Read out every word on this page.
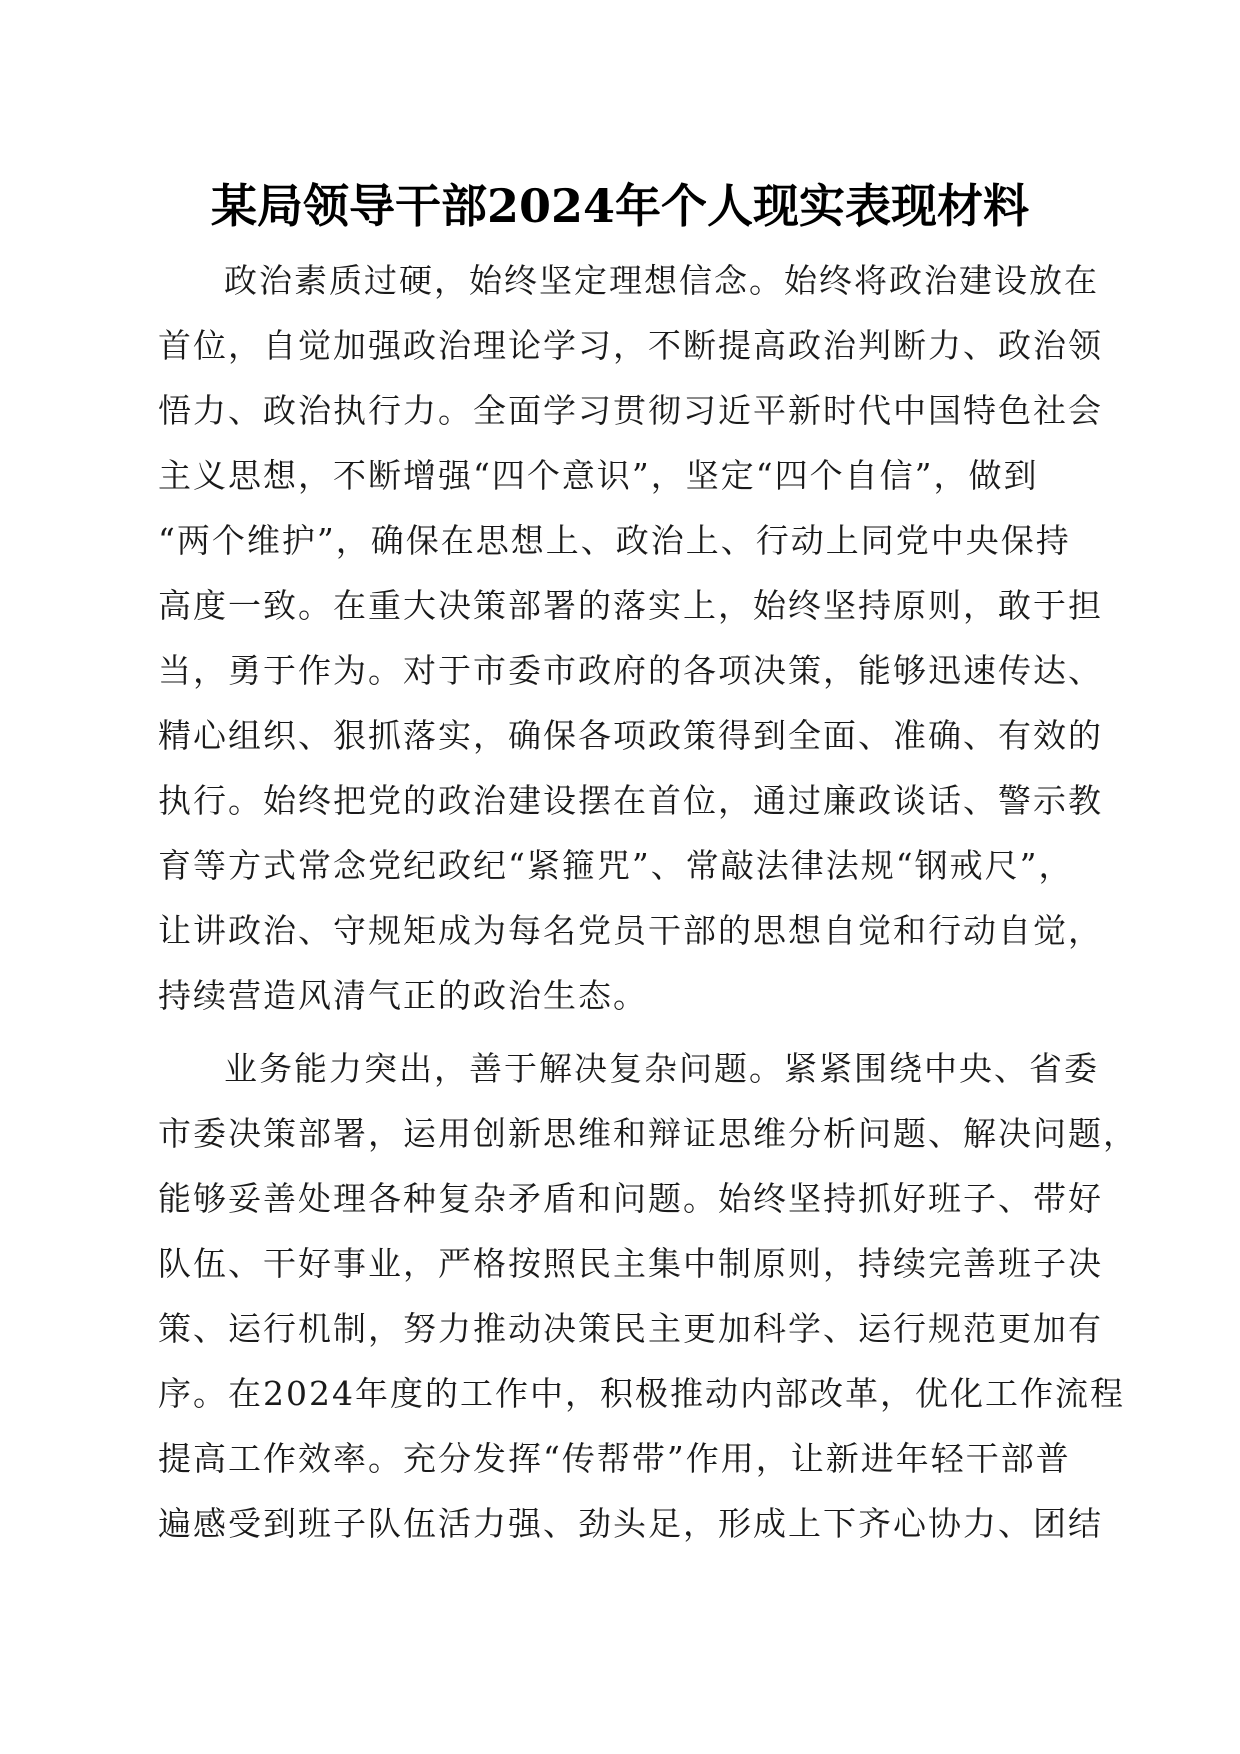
某局领导干部2024年个人现实表现材料
政治素质过硬，始终坚定理想信念。始终将政治建设放在
首位，自觉加强政治理论学习，不断提高政治判断力、政治领
悟力、政治执行力。全面学习贯彻习近平新时代中国特色社会
主义思想，不断增强“四个意识”，坚定“四个自信”，做到
“两个维护”，确保在思想上、政治上、行动上同党中央保持
高度一致。在重大决策部署的落实上，始终坚持原则，敢于担
当，勇于作为。对于市委市政府的各项决策，能够迅速传达、
精心组织、狠抓落实，确保各项政策得到全面、准确、有效的
执行。始终把党的政治建设摆在首位，通过廉政谈话、警示教
育等方式常念党纪政纪“紧箍咒”、常敲法律法规“钢戒尺”，
让讲政治、守规矩成为每名党员干部的思想自觉和行动自觉，
持续营造风清气正的政治生态。
业务能力突出，善于解决复杂问题。紧紧围绕中央、省委
市委决策部署，运用创新思维和辩证思维分析问题、解决问题，
能够妥善处理各种复杂矛盾和问题。始终坚持抓好班子、带好
队伍、干好事业，严格按照民主集中制原则，持续完善班子决
策、运行机制，努力推动决策民主更加科学、运行规范更加有
序。在2024年度的工作中，积极推动内部改革，优化工作流程
提高工作效率。充分发挥“传帮带”作用，让新进年轻干部普
遍感受到班子队伍活力强、劲头足，形成上下齐心协力、团结
